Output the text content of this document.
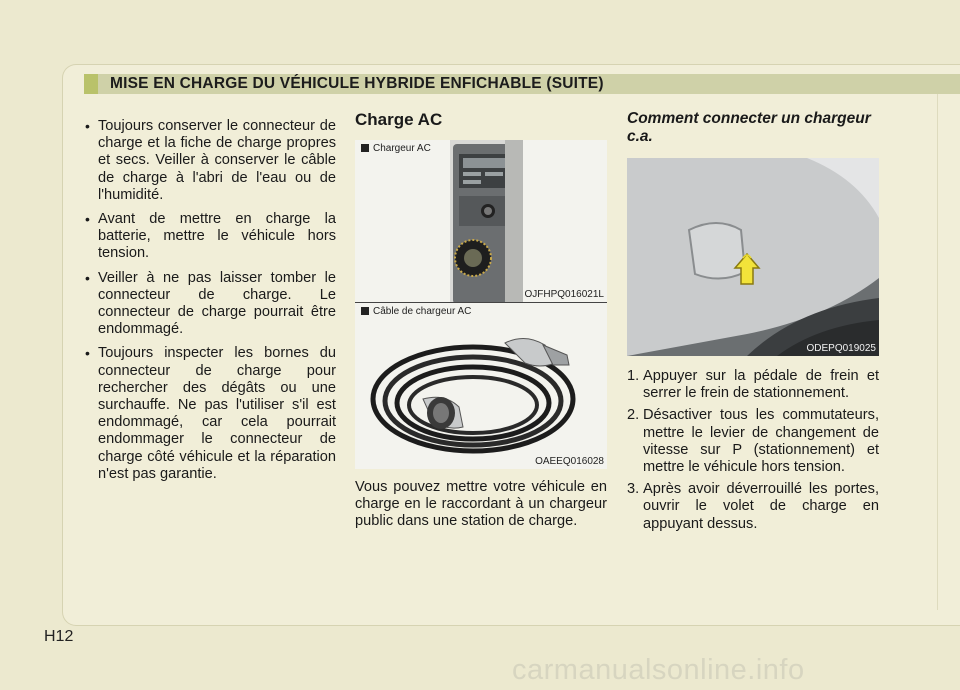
MISE EN CHARGE DU VÉHICULE HYBRIDE ENFICHABLE (SUITE)
• Toujours conserver le connecteur de charge et la fiche de charge propres et secs. Veiller à conserver le câble de charge à l'abri de l'eau ou de l'humidité.
• Avant de mettre en charge la batterie, mettre le véhicule hors tension.
• Veiller à ne pas laisser tomber le connecteur de charge. Le connecteur de charge pourrait être endommagé.
• Toujours inspecter les bornes du connecteur de charge pour rechercher des dégâts ou une surchauffe. Ne pas l'utiliser s'il est endommagé, car cela pourrait endommager le connecteur de charge côté véhicule et la réparation n'est pas garantie.
Charge AC
Chargeur AC
OJFHPQ016021L
Câble de chargeur AC
OAEEQ016028
Vous pouvez mettre votre véhicule en charge en le raccordant à un chargeur public dans une station de charge.
Comment connecter un chargeur c.a.
ODEPQ019025
1. Appuyer sur la pédale de frein et serrer le frein de stationnement.
2. Désactiver tous les commutateurs, mettre le levier de changement de vitesse sur P (stationnement) et mettre le véhicule hors tension.
3. Après avoir déverrouillé les portes, ouvrir le volet de charge en appuyant dessus.
H12
carmanualsonline.info
